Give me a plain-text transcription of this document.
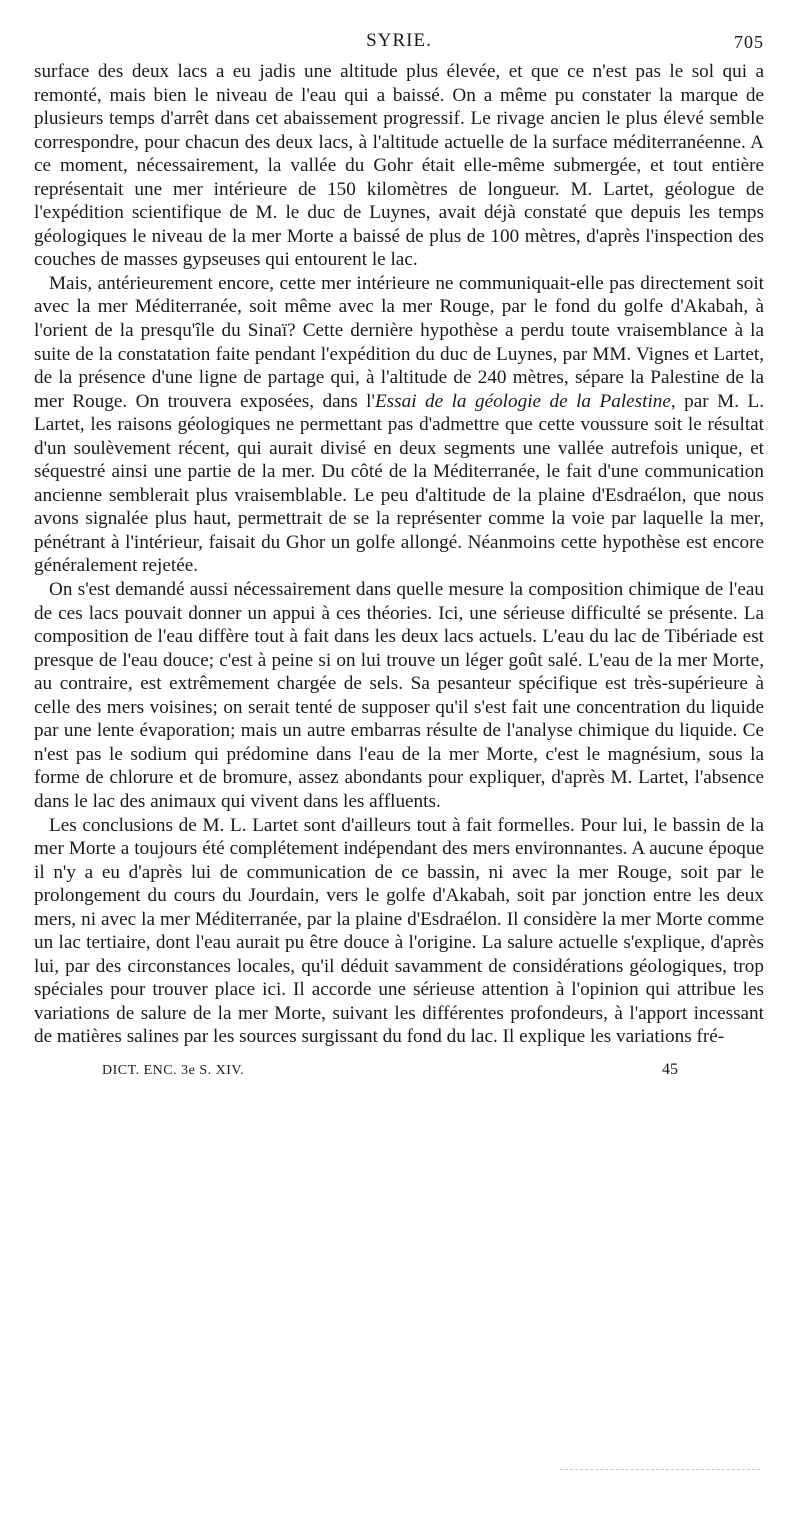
SYRIE.	705

surface des deux lacs a eu jadis une altitude plus élevée, et que ce n'est pas le sol qui a remonté, mais bien le niveau de l'eau qui a baissé. On a même pu constater la marque de plusieurs temps d'arrêt dans cet abaissement progressif. Le rivage ancien le plus élevé semble correspondre, pour chacun des deux lacs, à l'altitude actuelle de la surface méditerranéenne. A ce moment, nécessairement, la vallée du Gohr était elle-même submergée, et tout entière représentait une mer intérieure de 150 kilomètres de longueur. M. Lartet, géologue de l'expédition scientifique de M. le duc de Luynes, avait déjà constaté que depuis les temps géologiques le niveau de la mer Morte a baissé de plus de 100 mètres, d'après l'inspection des couches de masses gypseuses qui entourent le lac.

Mais, antérieurement encore, cette mer intérieure ne communiquait-elle pas directement soit avec la mer Méditerranée, soit même avec la mer Rouge, par le fond du golfe d'Akabah, à l'orient de la presqu'île du Sinaï? Cette dernière hypothèse a perdu toute vraisemblance à la suite de la constatation faite pendant l'expédition du duc de Luynes, par MM. Vignes et Lartet, de la présence d'une ligne de partage qui, à l'altitude de 240 mètres, sépare la Palestine de la mer Rouge. On trouvera exposées, dans l'Essai de la géologie de la Palestine, par M. L. Lartet, les raisons géologiques ne permettant pas d'admettre que cette voussure soit le résultat d'un soulèvement récent, qui aurait divisé en deux segments une vallée autrefois unique, et séquestré ainsi une partie de la mer. Du côté de la Méditerranée, le fait d'une communication ancienne semblerait plus vraisemblable. Le peu d'altitude de la plaine d'Esdraélon, que nous avons signalée plus haut, permettrait de se la représenter comme la voie par laquelle la mer, pénétrant à l'intérieur, faisait du Ghor un golfe allongé. Néanmoins cette hypothèse est encore généralement rejetée.

On s'est demandé aussi nécessairement dans quelle mesure la composition chimique de l'eau de ces lacs pouvait donner un appui à ces théories. Ici, une sérieuse difficulté se présente. La composition de l'eau diffère tout à fait dans les deux lacs actuels. L'eau du lac de Tibériade est presque de l'eau douce; c'est à peine si on lui trouve un léger goût salé. L'eau de la mer Morte, au contraire, est extrêmement chargée de sels. Sa pesanteur spécifique est très-supérieure à celle des mers voisines; on serait tenté de supposer qu'il s'est fait une concentration du liquide par une lente évaporation; mais un autre embarras résulte de l'analyse chimique du liquide. Ce n'est pas le sodium qui prédomine dans l'eau de la mer Morte, c'est le magnésium, sous la forme de chlorure et de bromure, assez abondants pour expliquer, d'après M. Lartet, l'absence dans le lac des animaux qui vivent dans les affluents.

Les conclusions de M. L. Lartet sont d'ailleurs tout à fait formelles. Pour lui, le bassin de la mer Morte a toujours été complétement indépendant des mers environnantes. A aucune époque il n'y a eu d'après lui de communication de ce bassin, ni avec la mer Rouge, soit par le prolongement du cours du Jourdain, vers le golfe d'Akabah, soit par jonction entre les deux mers, ni avec la mer Méditerranée, par la plaine d'Esdraélon. Il considère la mer Morte comme un lac tertiaire, dont l'eau aurait pu être douce à l'origine. La salure actuelle s'explique, d'après lui, par des circonstances locales, qu'il déduit savamment de considérations géologiques, trop spéciales pour trouver place ici. Il accorde une sérieuse attention à l'opinion qui attribue les variations de salure de la mer Morte, suivant les différentes profondeurs, à l'apport incessant de matières salines par les sources surgissant du fond du lac. Il explique les variations fré-

DICT. ENC. 3e S. XIV.	45
